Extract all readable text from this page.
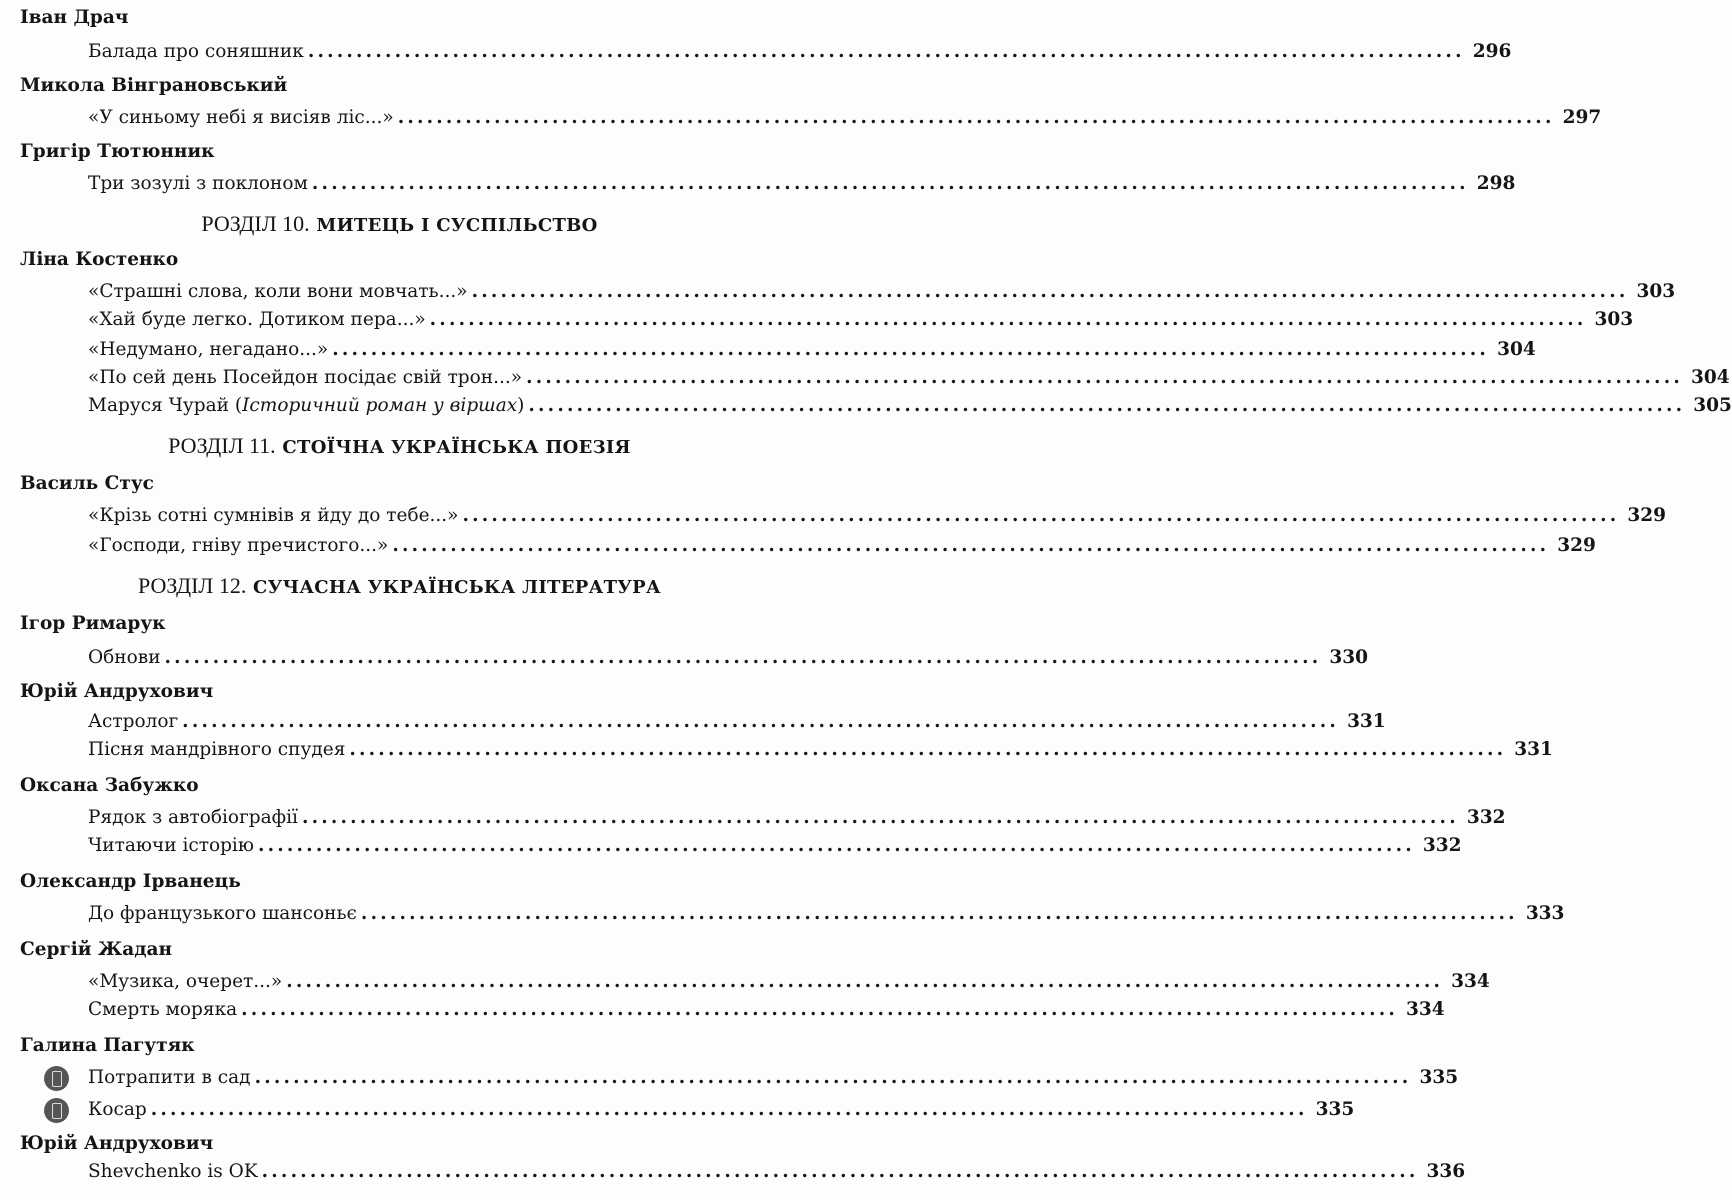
Іван Драч
Балада про соняшник ........................................................................................................................ 296
Микола Вінграновський
«У синьому небі я висіяв ліс...» ........................................................................................................................ 297
Григір Тютюнник
Три зозулі з поклоном ........................................................................................................................ 298
РОЗДІЛ 10. МИТЕЦЬ І СУСПІЛЬСТВО
Ліна Костенко
«Страшні слова, коли вони мовчать...» ........................................................................................................................ 303
«Хай буде легко. Дотиком пера...» ........................................................................................................................ 303
«Недумано, негадано...» ........................................................................................................................ 304
«По сей день Посейдон посідає свій трон...» ........................................................................................................................ 304
Маруся Чурай (Історичний роман у віршах) ........................................................................................................................ 305
РОЗДІЛ 11. СТОЇЧНА УКРАЇНСЬКА ПОЕЗІЯ
Василь Стус
«Крізь сотні сумнівів я йду до тебе...» ........................................................................................................................ 329
«Господи, гніву пречистого...» ........................................................................................................................ 329
РОЗДІЛ 12. СУЧАСНА УКРАЇНСЬКА ЛІТЕРАТУРА
Ігор Римарук
Обнови ........................................................................................................................ 330
Юрій Андрухович
Астролог ........................................................................................................................ 331
Пісня мандрівного спудея ........................................................................................................................ 331
Оксана Забужко
Рядок з автобіографії ........................................................................................................................ 332
Читаючи історію ........................................................................................................................ 332
Олександр Ірванець
До французького шансоньє ........................................................................................................................ 333
Сергій Жадан
«Музика, очерет...» ........................................................................................................................ 334
Смерть моряка ........................................................................................................................ 334
Галина Пагутяк
Потрапити в сад ........................................................................................................................ 335
Косар ........................................................................................................................ 335
Юрій Андрухович
Shevchenko is OK ........................................................................................................................ 336
